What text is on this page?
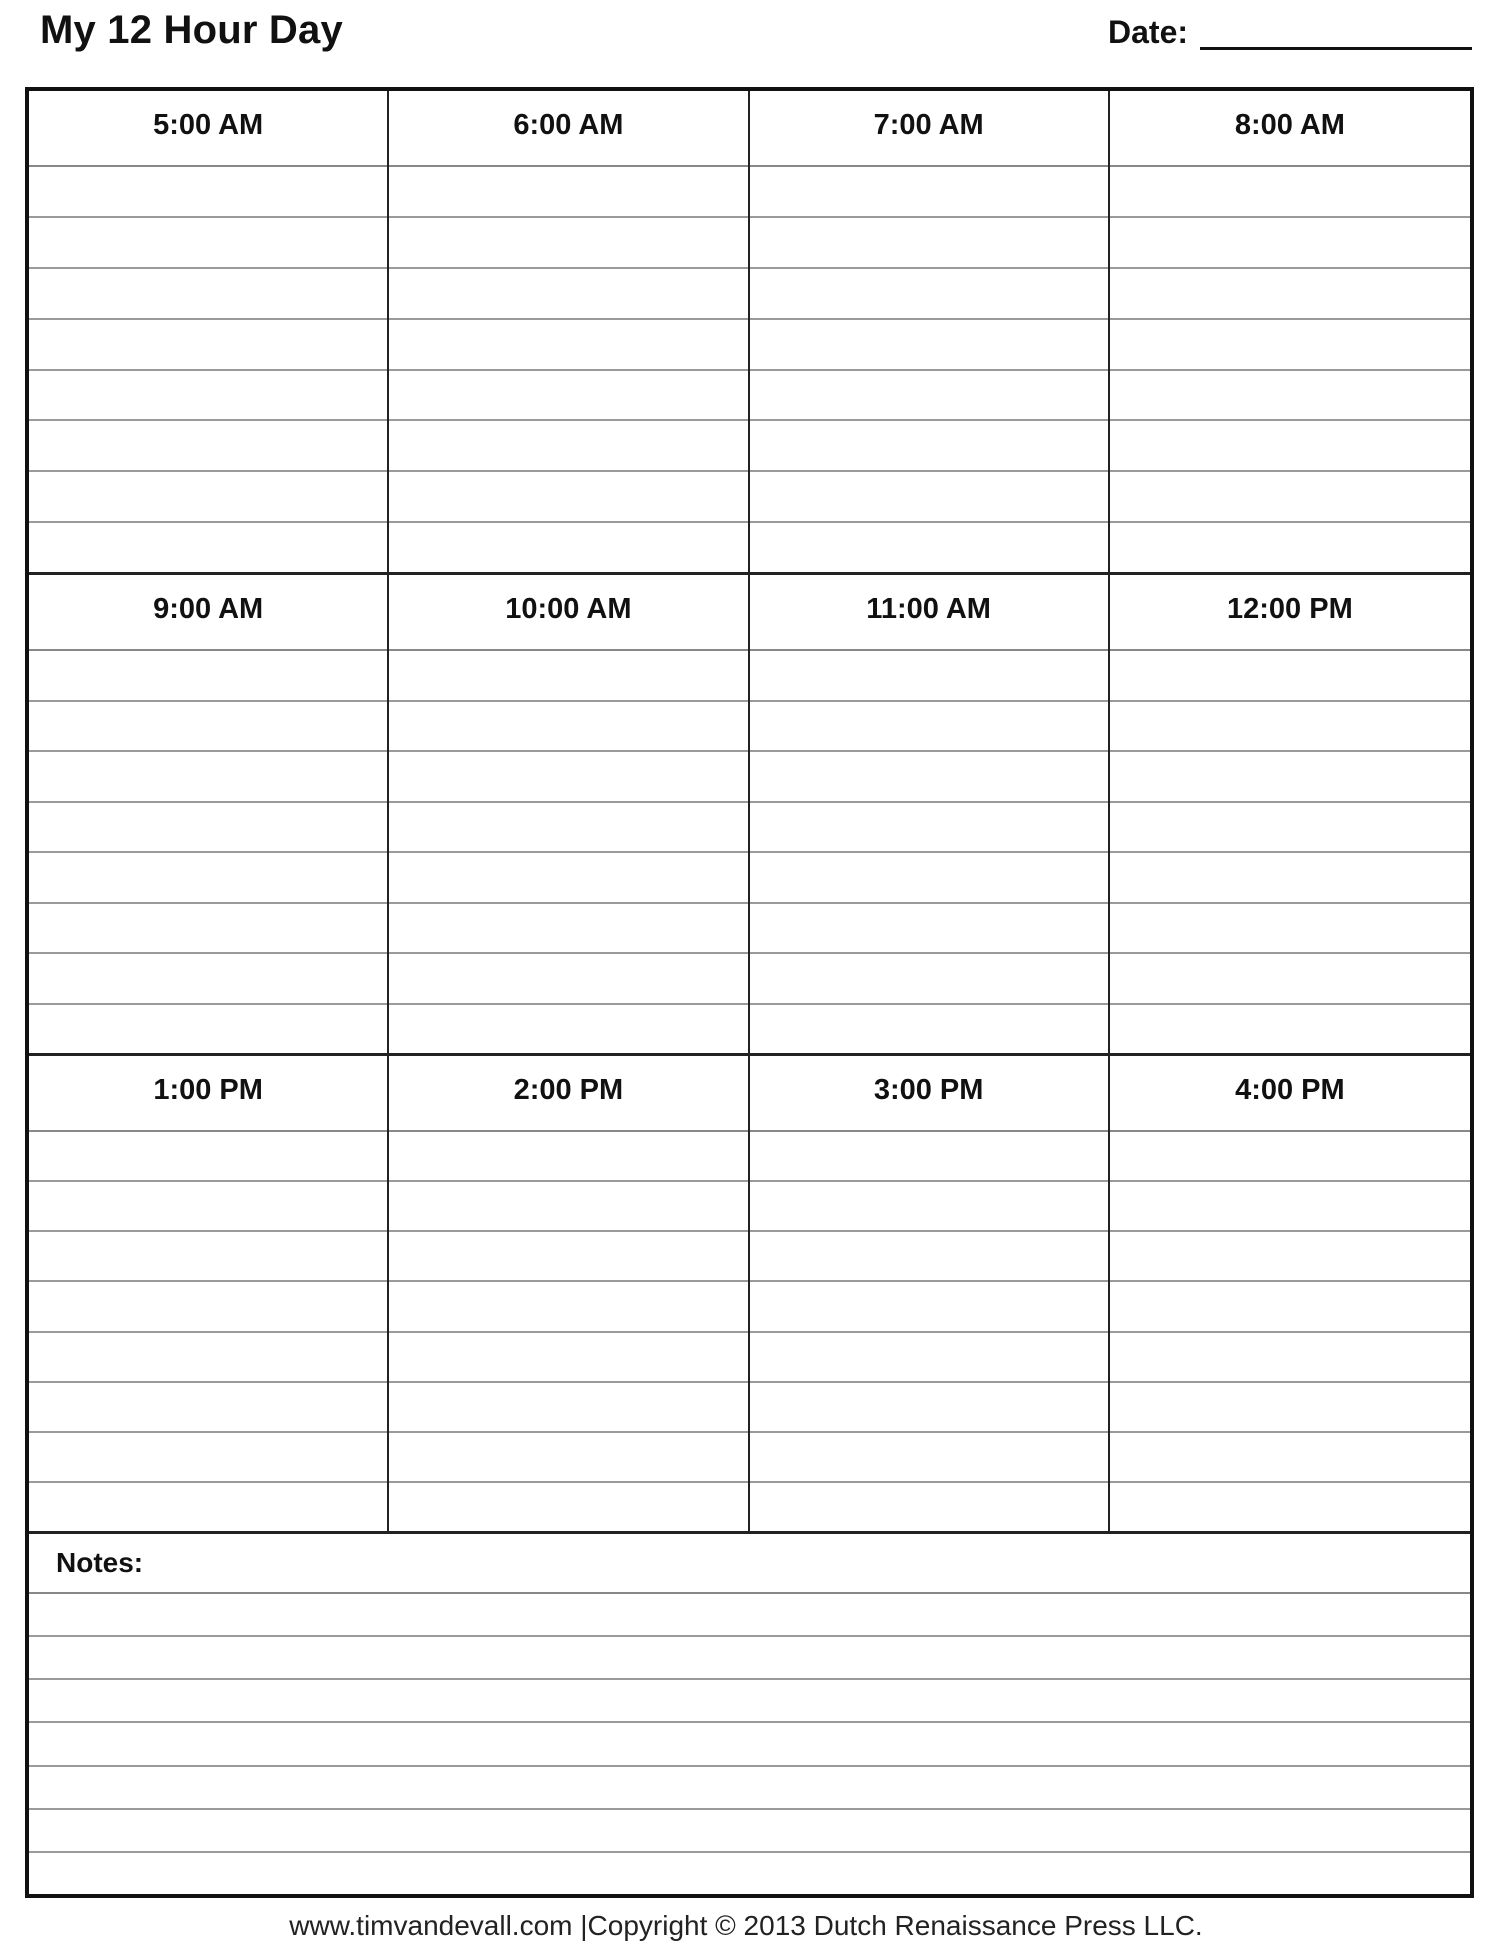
My 12 Hour Day	Date:
5:00 AM	6:00 AM	7:00 AM	8:00 AM
9:00 AM	10:00 AM	11:00 AM	12:00 PM
1:00 PM	2:00 PM	3:00 PM	4:00 PM
Notes:
www.timvandevall.com |Copyright © 2013 Dutch Renaissance Press LLC.
